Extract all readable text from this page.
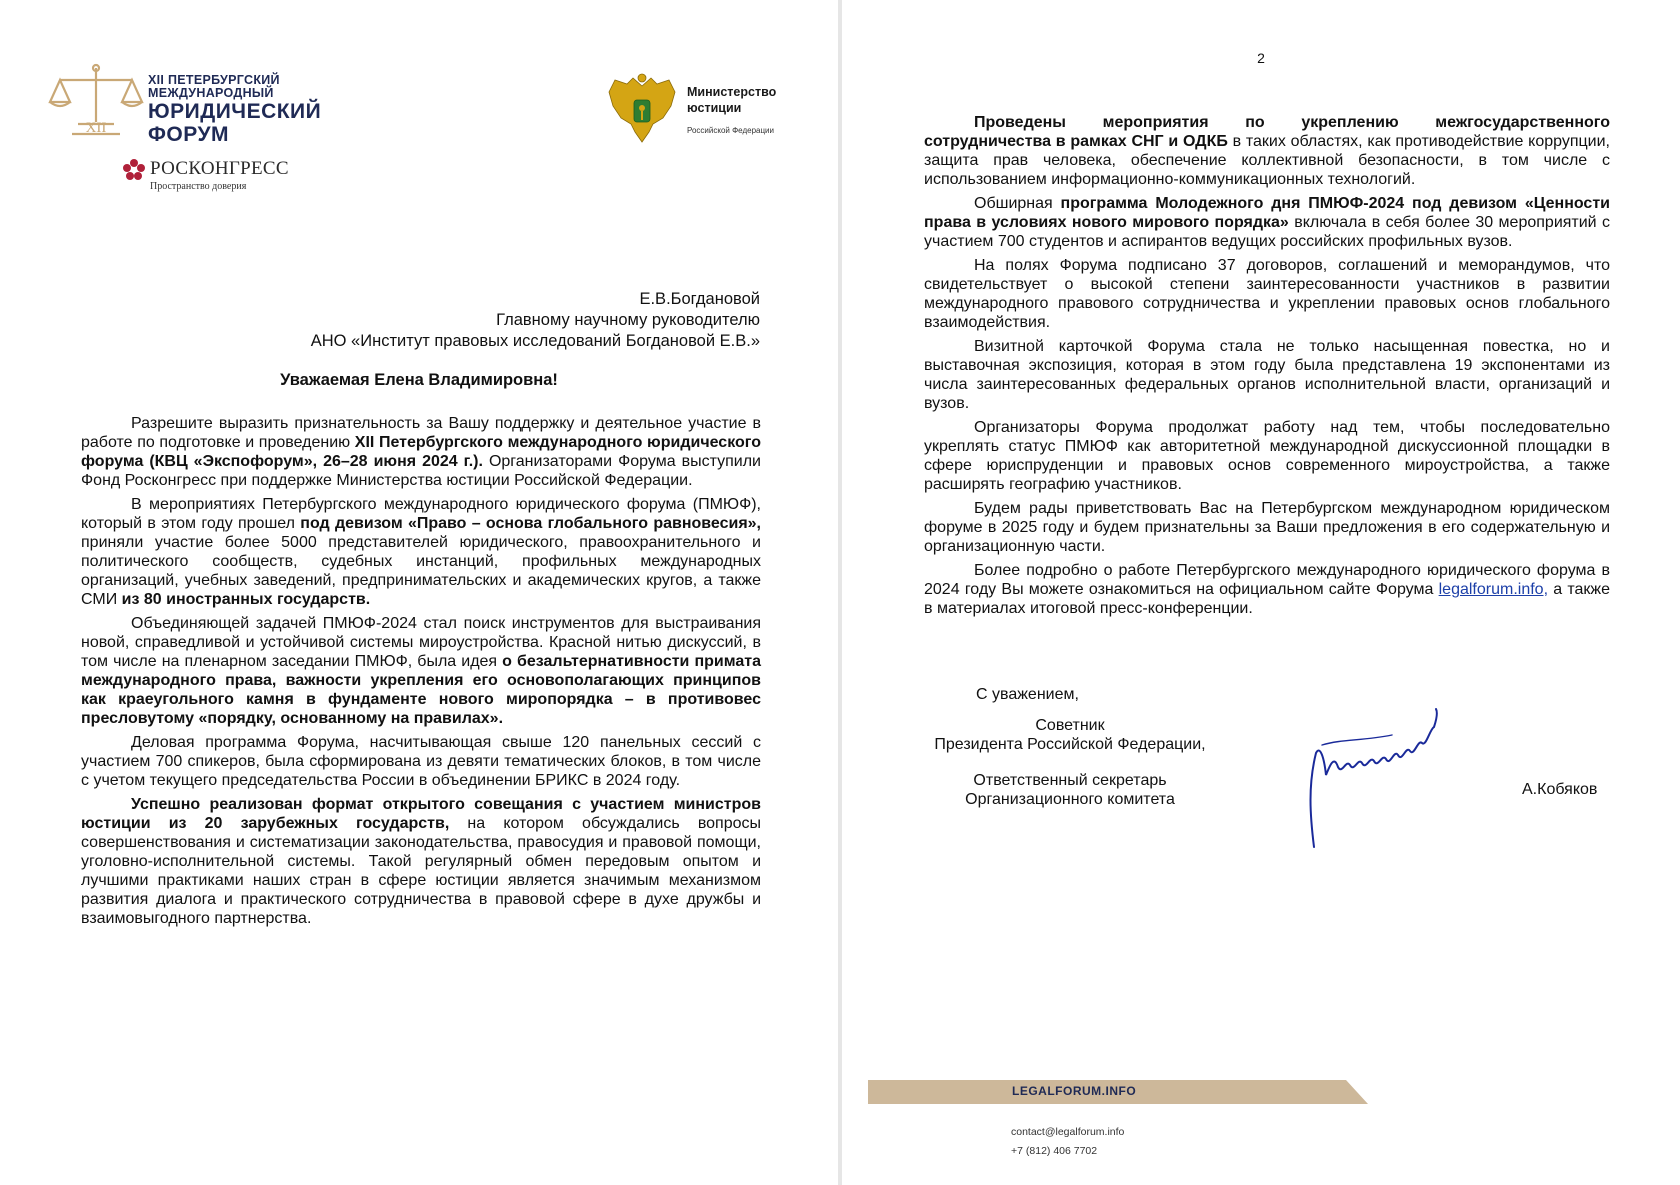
XII
XII ПЕТЕРБУРГСКИЙ
МЕЖДУНАРОДНЫЙ
ЮРИДИЧЕСКИЙ
ФОРУМ
РОСКОНГРЕСС
Пространство доверия
Министерство
юстиции
Российской Федерации
Е.В.Богдановой
Главному научному руководителю
АНО «Институт правовых исследований Богдановой Е.В.»
Уважаемая Елена Владимировна!

Разрешите выразить признательность за Вашу поддержку и деятельное участие в работе по подготовке и проведению XII Петербургского международного юридического форума (КВЦ «Экспофорум», 26–28 июня 2024 г.). Организаторами Форума выступили Фонд Росконгресс при поддержке Министерства юстиции Российской Федерации.

В мероприятиях Петербургского международного юридического форума (ПМЮФ), который в этом году прошел под девизом «Право – основа глобального равновесия», приняли участие более 5000 представителей юридического, правоохранительного и политического сообществ, судебных инстанций, профильных международных организаций, учебных заведений, предпринимательских и академических кругов, а также СМИ из 80 иностранных государств.

Объединяющей задачей ПМЮФ-2024 стал поиск инструментов для выстраивания новой, справедливой и устойчивой системы мироустройства. Красной нитью дискуссий, в том числе на пленарном заседании ПМЮФ, была идея о безальтернативности примата международного права, важности укрепления его основополагающих принципов как краеугольного камня в фундаменте нового миропорядка – в противовес пресловутому «порядку, основанному на правилах».

Деловая программа Форума, насчитывающая свыше 120 панельных сессий с участием 700 спикеров, была сформирована из девяти тематических блоков, в том числе с учетом текущего председательства России в объединении БРИКС в 2024 году.

Успешно реализован формат открытого совещания с участием министров юстиции из 20 зарубежных государств, на котором обсуждались вопросы совершенствования и систематизации законодательства, правосудия и правовой помощи, уголовно-исполнительной системы. Такой регулярный обмен передовым опытом и лучшими практиками наших стран в сфере юстиции является значимым механизмом развития диалога и практического сотрудничества в правовой сфере в духе дружбы и взаимовыгодного партнерства.

2

Проведены мероприятия по укреплению межгосударственного сотрудничества в рамках СНГ и ОДКБ в таких областях, как противодействие коррупции, защита прав человека, обеспечение коллективной безопасности, в том числе с использованием информационно-коммуникационных технологий.

Обширная программа Молодежного дня ПМЮФ-2024 под девизом «Ценности права в условиях нового мирового порядка» включала в себя более 30 мероприятий с участием 700 студентов и аспирантов ведущих российских профильных вузов.

На полях Форума подписано 37 договоров, соглашений и меморандумов, что свидетельствует о высокой степени заинтересованности участников в развитии международного правового сотрудничества и укреплении правовых основ глобального взаимодействия.

Визитной карточкой Форума стала не только насыщенная повестка, но и выставочная экспозиция, которая в этом году была представлена 19 экспонентами из числа заинтересованных федеральных органов исполнительной власти, организаций и вузов.

Организаторы Форума продолжат работу над тем, чтобы последовательно укреплять статус ПМЮФ как авторитетной международной дискуссионной площадки в сфере юриспруденции и правовых основ современного мироустройства, а также расширять географию участников.

Будем рады приветствовать Вас на Петербургском международном юридическом форуме в 2025 году и будем признательны за Ваши предложения в его содержательную и организационную части.

Более подробно о работе Петербургского международного юридического форума в 2024 году Вы можете ознакомиться на официальном сайте Форума legalforum.info, а также в материалах итоговой пресс-конференции.

С уважением,
Советник
Президента Российской Федерации,
Ответственный секретарь
Организационного комитета
А.Кобяков
LEGALFORUM.INFO
contact@legalforum.info
+7 (812) 406 7702
